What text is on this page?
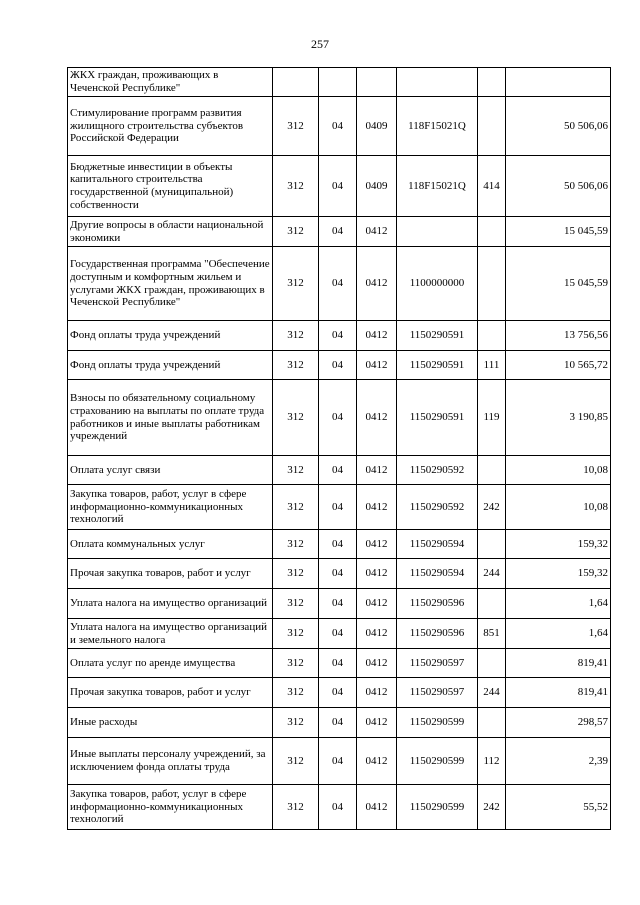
257
ЖКХ граждан, проживающих в Чеченской Республике"						
Стимулирование программ развития жилищного строительства субъектов Российской Федерации	312	04	0409	118F15021Q		50 506,06
Бюджетные инвестиции в объекты капитального строительства государственной (муниципальной) собственности	312	04	0409	118F15021Q	414	50 506,06
Другие вопросы в области национальной экономики	312	04	0412			15 045,59
Государственная программа "Обеспечение доступным и комфортным жильем и услугами ЖКХ граждан, проживающих в Чеченской Республике"	312	04	0412	1100000000		15 045,59
Фонд оплаты труда учреждений	312	04	0412	1150290591		13 756,56
Фонд оплаты труда учреждений	312	04	0412	1150290591	111	10 565,72
Взносы по обязательному социальному страхованию на выплаты по оплате труда работников и иные выплаты работникам учреждений	312	04	0412	1150290591	119	3 190,85
Оплата услуг связи	312	04	0412	1150290592		10,08
Закупка товаров, работ, услуг в сфере информационно-коммуникационных технологий	312	04	0412	1150290592	242	10,08
Оплата коммунальных услуг	312	04	0412	1150290594		159,32
Прочая закупка товаров, работ и услуг	312	04	0412	1150290594	244	159,32
Уплата налога на имущество организаций	312	04	0412	1150290596		1,64
Уплата налога на имущество организаций и земельного налога	312	04	0412	1150290596	851	1,64
Оплата услуг по аренде имущества	312	04	0412	1150290597		819,41
Прочая закупка товаров, работ и услуг	312	04	0412	1150290597	244	819,41
Иные расходы	312	04	0412	1150290599		298,57
Иные выплаты персоналу учреждений, за исключением фонда оплаты труда	312	04	0412	1150290599	112	2,39
Закупка товаров, работ, услуг в сфере информационно-коммуникационных технологий	312	04	0412	1150290599	242	55,52
